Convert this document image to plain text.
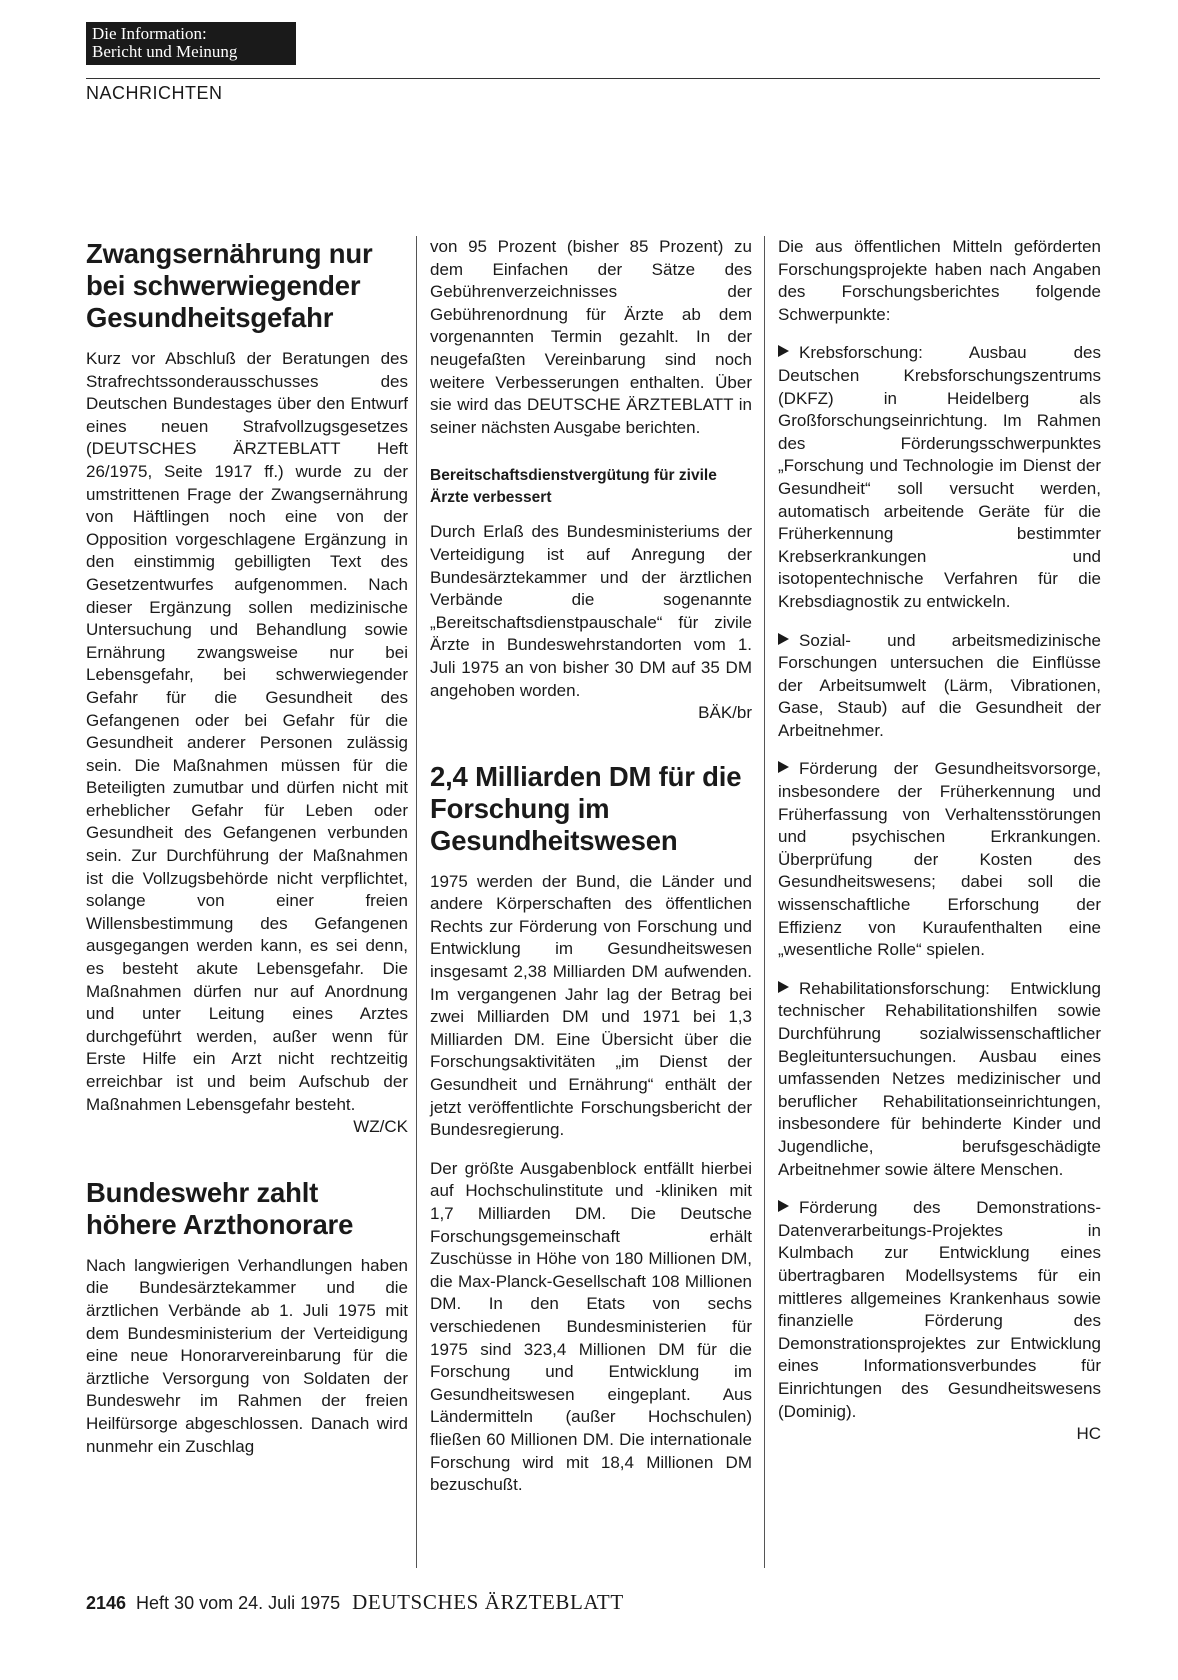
Die Information:
Bericht und Meinung
NACHRICHTEN
Zwangsernährung nur bei schwerwiegender Gesundheitsgefahr

Kurz vor Abschluß der Beratungen des Strafrechtssonderausschusses des Deutschen Bundestages über den Entwurf eines neuen Strafvollzugsgesetzes (DEUTSCHES ÄRZTEBLATT Heft 26/1975, Seite 1917 ff.) wurde zu der umstrittenen Frage der Zwangsernährung von Häftlingen noch eine von der Opposition vorgeschlagene Ergänzung in den einstimmig gebilligten Text des Gesetzentwurfes aufgenommen. Nach dieser Ergänzung sollen medizinische Untersuchung und Behandlung sowie Ernährung zwangsweise nur bei Lebensgefahr, bei schwerwiegender Gefahr für die Gesundheit des Gefangenen oder bei Gefahr für die Gesundheit anderer Personen zulässig sein. Die Maßnahmen müssen für die Beteiligten zumutbar und dürfen nicht mit erheblicher Gefahr für Leben oder Gesundheit des Gefangenen verbunden sein. Zur Durchführung der Maßnahmen ist die Vollzugsbehörde nicht verpflichtet, solange von einer freien Willensbestimmung des Gefangenen ausgegangen werden kann, es sei denn, es besteht akute Lebensgefahr. Die Maßnahmen dürfen nur auf Anordnung und unter Leitung eines Arztes durchgeführt werden, außer wenn für Erste Hilfe ein Arzt nicht rechtzeitig erreichbar ist und beim Aufschub der Maßnahmen Lebensgefahr besteht.

WZ/CK
Bundeswehr zahlt höhere Arzthonorare

Nach langwierigen Verhandlungen haben die Bundesärztekammer und die ärztlichen Verbände ab 1. Juli 1975 mit dem Bundesministerium der Verteidigung eine neue Honorarvereinbarung für die ärztliche Versorgung von Soldaten der Bundeswehr im Rahmen der freien Heilfürsorge abgeschlossen. Danach wird nunmehr ein Zuschlag

von 95 Prozent (bisher 85 Prozent) zu dem Einfachen der Sätze des Gebührenverzeichnisses der Gebührenordnung für Ärzte ab dem vorgenannten Termin gezahlt. In der neugefaßten Vereinbarung sind noch weitere Verbesserungen enthalten. Über sie wird das DEUTSCHE ÄRZTEBLATT in seiner nächsten Ausgabe berichten.

Bereitschaftsdienstvergütung für zivile Ärzte verbessert

Durch Erlaß des Bundesministeriums der Verteidigung ist auf Anregung der Bundesärztekammer und der ärztlichen Verbände die sogenannte „Bereitschaftsdienstpauschale“ für zivile Ärzte in Bundeswehrstandorten vom 1. Juli 1975 an von bisher 30 DM auf 35 DM angehoben worden.

BÄK/br
2,4 Milliarden DM für die Forschung im Gesundheitswesen

1975 werden der Bund, die Länder und andere Körperschaften des öffentlichen Rechts zur Förderung von Forschung und Entwicklung im Gesundheitswesen insgesamt 2,38 Milliarden DM aufwenden. Im vergangenen Jahr lag der Betrag bei zwei Milliarden DM und 1971 bei 1,3 Milliarden DM. Eine Übersicht über die Forschungsaktivitäten „im Dienst der Gesundheit und Ernährung“ enthält der jetzt veröffentlichte Forschungsbericht der Bundesregierung.

Der größte Ausgabenblock entfällt hierbei auf Hochschulinstitute und -kliniken mit 1,7 Milliarden DM. Die Deutsche Forschungsgemeinschaft erhält Zuschüsse in Höhe von 180 Millionen DM, die Max-Planck-Gesellschaft 108 Millionen DM. In den Etats von sechs verschiedenen Bundesministerien für 1975 sind 323,4 Millionen DM für die Forschung und Entwicklung im Gesundheitswesen eingeplant. Aus Ländermitteln (außer Hochschulen) fließen 60 Millionen DM. Die internationale Forschung wird mit 18,4 Millionen DM bezuschußt.

Die aus öffentlichen Mitteln geförderten Forschungsprojekte haben nach Angaben des Forschungsberichtes folgende Schwerpunkte:

Krebsforschung: Ausbau des Deutschen Krebsforschungszentrums (DKFZ) in Heidelberg als Großforschungseinrichtung. Im Rahmen des Förderungsschwerpunktes „Forschung und Technologie im Dienst der Gesundheit“ soll versucht werden, automatisch arbeitende Geräte für die Früherkennung bestimmter Krebserkrankungen und isotopentechnische Verfahren für die Krebsdiagnostik zu entwickeln.

Sozial- und arbeitsmedizinische Forschungen untersuchen die Einflüsse der Arbeitsumwelt (Lärm, Vibrationen, Gase, Staub) auf die Gesundheit der Arbeitnehmer.

Förderung der Gesundheitsvorsorge, insbesondere der Früherkennung und Früherfassung von Verhaltensstörungen und psychischen Erkrankungen. Überprüfung der Kosten des Gesundheitswesens; dabei soll die wissenschaftliche Erforschung der Effizienz von Kuraufenthalten eine „wesentliche Rolle“ spielen.

Rehabilitationsforschung: Entwicklung technischer Rehabilitationshilfen sowie Durchführung sozialwissenschaftlicher Begleituntersuchungen. Ausbau eines umfassenden Netzes medizinischer und beruflicher Rehabilitationseinrichtungen, insbesondere für behinderte Kinder und Jugendliche, berufsgeschädigte Arbeitnehmer sowie ältere Menschen.

Förderung des Demonstrations-Datenverarbeitungs-Projektes in Kulmbach zur Entwicklung eines übertragbaren Modellsystems für ein mittleres allgemeines Krankenhaus sowie finanzielle Förderung des Demonstrationsprojektes zur Entwicklung eines Informationsverbundes für Einrichtungen des Gesundheitswesens (Dominig).

HC
2146 Heft 30 vom 24. Juli 1975 DEUTSCHES ÄRZTEBLATT
